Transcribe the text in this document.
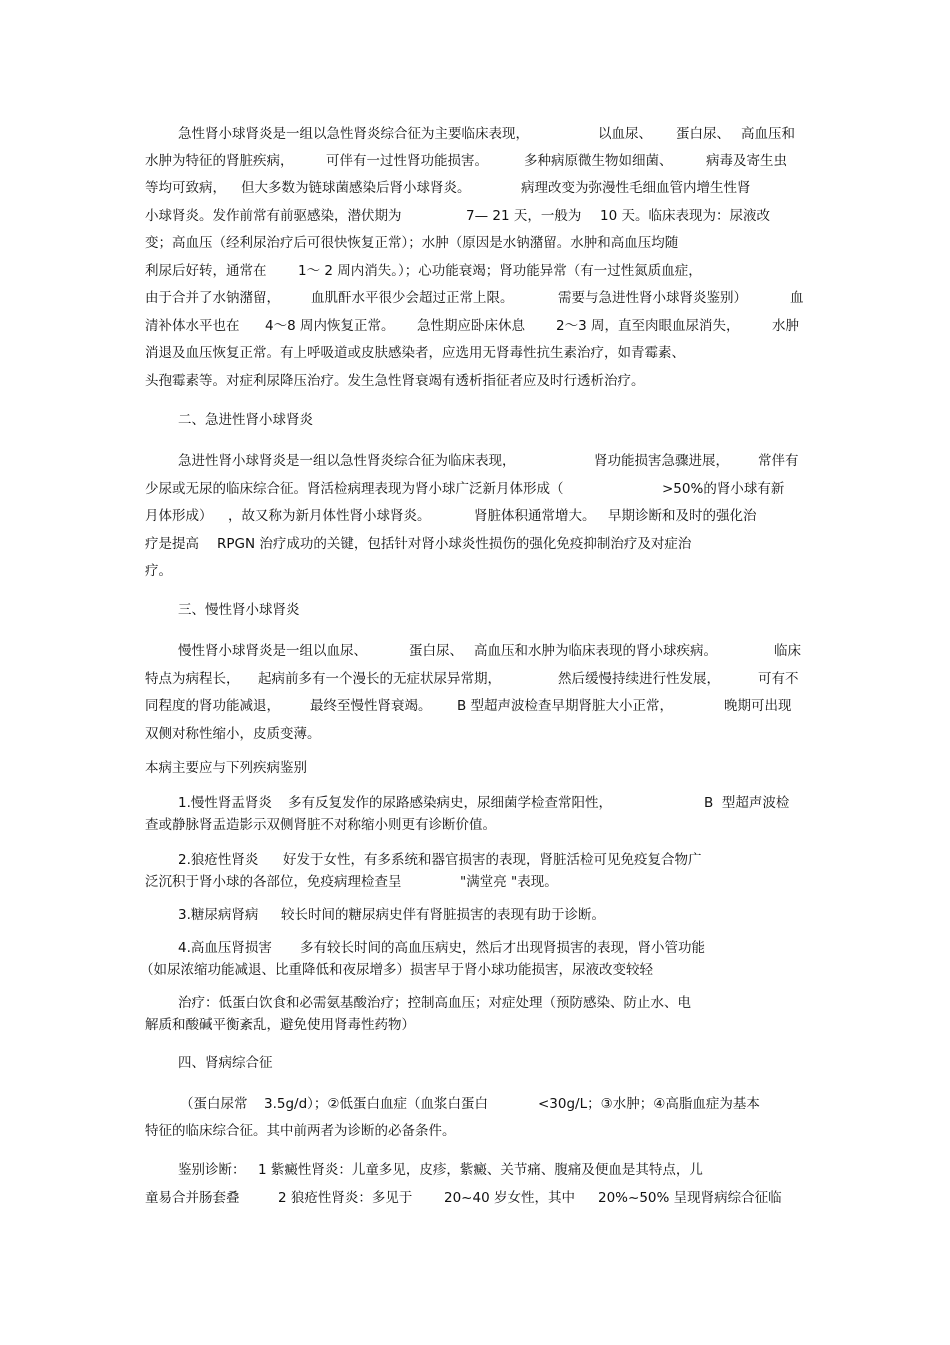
急性肾小球肾炎是一组以急性肾炎综合征为主要临床表现，

	以血尿、

蛋白尿、

高血压和

水肿为特征的肾脏疾病，

可伴有一过性肾功能损害。

	多种病原微生物如细菌、

病毒及寄生虫

等均可致病，

但大多数为链球菌感染后肾小球肾炎。

	病理改变为弥漫性毛细血管内增生性肾

小球肾炎。发作前常有前驱感染，潜伏期为

	7— 21 天，一般为

10 天。临床表现为：尿液改

变；高血压（经利尿治疗后可很快恢复正常）；水肿（原因是水钠潴留。水肿和高血压均随

利尿后好转，通常在

1～ 2 周内消失。）；心功能衰竭；肾功能异常（有一过性氮质血症，

由于合并了水钠潴留，

血肌酐水平很少会超过正常上限。

	需要与急进性肾小球肾炎鉴别）

	血

清补体水平也在

4～8 周内恢复正常。

急性期应卧床休息

2～3 周，直至肉眼血尿消失，

水肿

消退及血压恢复正常。有上呼吸道或皮肤感染者，应选用无肾毒性抗生素治疗，如青霉素、

头孢霉素等。对症利尿降压治疗。发生急性肾衰竭有透析指征者应及时行透析治疗。

二、急进性肾小球肾炎

急进性肾小球肾炎是一组以急性肾炎综合征为临床表现，

	肾功能损害急骤进展，

常伴有

少尿或无尿的临床综合征。肾活检病理表现为肾小球广泛新月体形成（

	>50%的肾小球有新

月体形成）

，故又称为新月体性肾小球肾炎。

	肾脏体积通常增大。

早期诊断和及时的强化治

疗是提高

RPGN 治疗成功的关键，包括针对肾小球炎性损伤的强化免疫抑制治疗及对症治

疗。

三、慢性肾小球肾炎

慢性肾小球肾炎是一组以血尿、

	蛋白尿、

高血压和水肿为临床表现的肾小球疾病。

	临床

特点为病程长，

起病前多有一个漫长的无症状尿异常期，

	然后缓慢持续进行性发展，

	可有不

同程度的肾功能减退，

最终至慢性肾衰竭。

B 型超声波检查早期肾脏大小正常，

	晚期可出现

双侧对称性缩小，皮质变薄。

本病主要应与下列疾病鉴别

1.慢性肾盂肾炎

多有反复发作的尿路感染病史，尿细菌学检查常阳性，

	B  型超声波检

查或静脉肾盂造影示双侧肾脏不对称缩小则更有诊断价值。

2.狼疮性肾炎

好发于女性，有多系统和器官损害的表现，肾脏活检可见免疫复合物广

泛沉积于肾小球的各部位，免疫病理检查呈

	"满堂亮 "表现。

3.糖尿病肾病

较长时间的糖尿病史伴有肾脏损害的表现有助于诊断。

4.高血压肾损害

多有较长时间的高血压病史，然后才出现肾损害的表现，肾小管功能

（如尿浓缩功能减退、比重降低和夜尿增多）损害早于肾小球功能损害，尿液改变较轻

治疗：低蛋白饮食和必需氨基酸治疗；控制高血压；对症处理（预防感染、防止水、电

解质和酸碱平衡紊乱，避免使用肾毒性药物）

四、肾病综合征

（蛋白尿常

3.5g/d）；②低蛋白血症（血浆白蛋白

	<30g/L；③水肿；④高脂血症为基本

特征的临床综合征。其中前两者为诊断的必备条件。

鉴别诊断：

1 紫癜性肾炎：儿童多见，皮疹，紫癜、关节痛、腹痛及便血是其特点，儿

童易合并肠套叠

	2 狼疮性肾炎：多见于

20~40 岁女性，其中

20%~50% 呈现肾病综合征临
